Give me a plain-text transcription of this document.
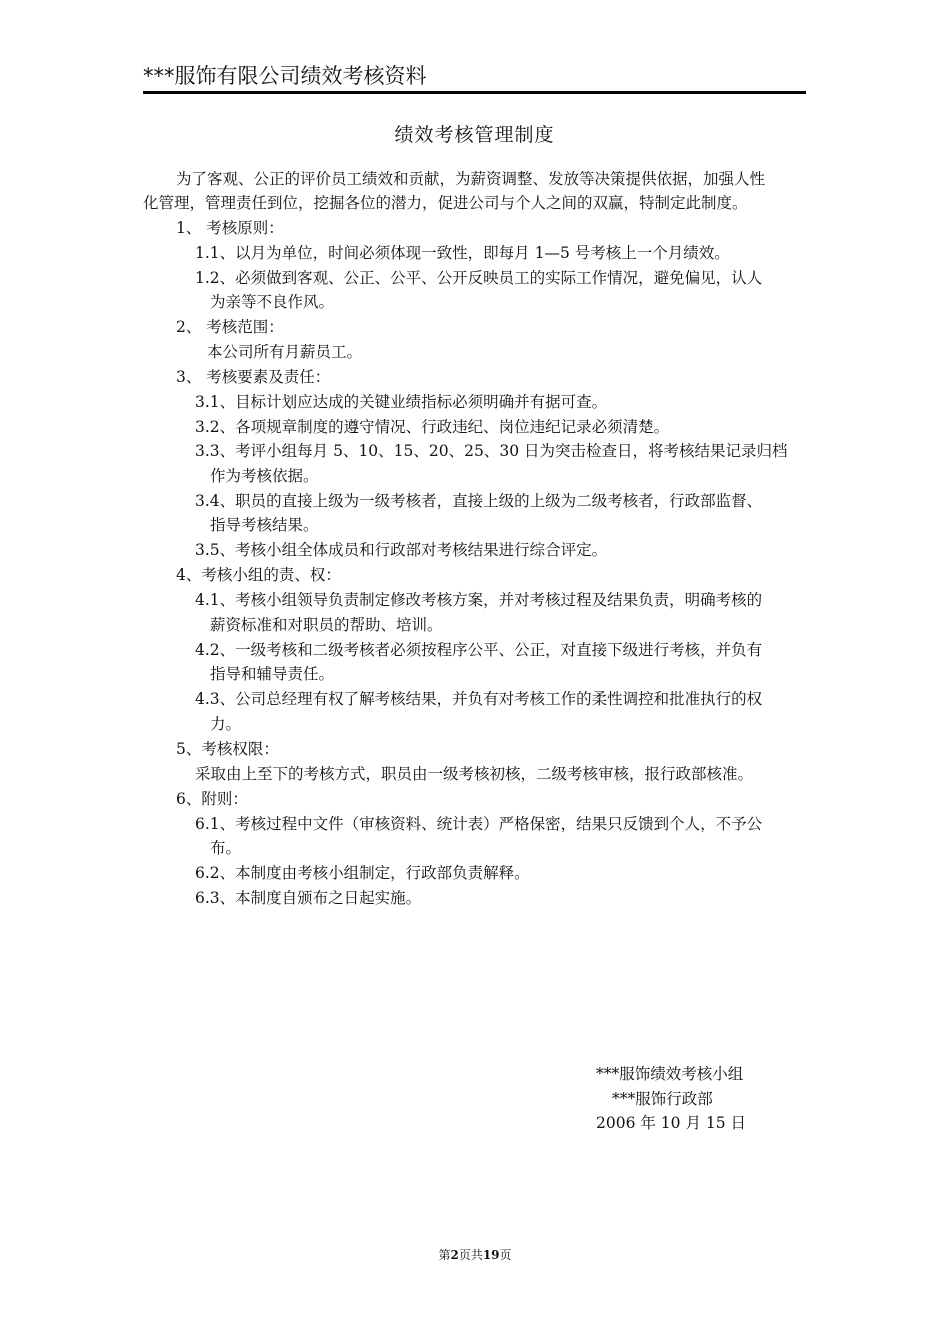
***服饰有限公司绩效考核资料
绩效考核管理制度
为了客观、公正的评价员工绩效和贡献，为薪资调整、发放等决策提供依据，加强人性
化管理，管理责任到位，挖掘各位的潜力，促进公司与个人之间的双赢，特制定此制度。
1、 考核原则：
1.1、以月为单位，时间必须体现一致性，即每月 1—5 号考核上一个月绩效。
1.2、必须做到客观、公正、公平、公开反映员工的实际工作情况，避免偏见，认人
为亲等不良作风。
2、 考核范围：
本公司所有月薪员工。
3、 考核要素及责任：
3.1、目标计划应达成的关键业绩指标必须明确并有据可查。
3.2、各项规章制度的遵守情况、行政违纪、岗位违纪记录必须清楚。
3.3、考评小组每月 5、10、15、20、25、30 日为突击检查日，将考核结果记录归档
作为考核依据。
3.4、职员的直接上级为一级考核者，直接上级的上级为二级考核者，行政部监督、
指导考核结果。
3.5、考核小组全体成员和行政部对考核结果进行综合评定。
4、考核小组的责、权：
4.1、考核小组领导负责制定修改考核方案，并对考核过程及结果负责，明确考核的
薪资标准和对职员的帮助、培训。
4.2、一级考核和二级考核者必须按程序公平、公正，对直接下级进行考核，并负有
指导和辅导责任。
4.3、公司总经理有权了解考核结果，并负有对考核工作的柔性调控和批准执行的权
力。
5、考核权限：
采取由上至下的考核方式，职员由一级考核初核，二级考核审核，报行政部核准。
6、附则：
6.1、考核过程中文件（审核资料、统计表）严格保密，结果只反馈到个人，不予公
布。
6.2、本制度由考核小组制定，行政部负责解释。
6.3、本制度自颁布之日起实施。
***服饰绩效考核小组
***服饰行政部
2006 年 10 月 15 日
第2页共19页
